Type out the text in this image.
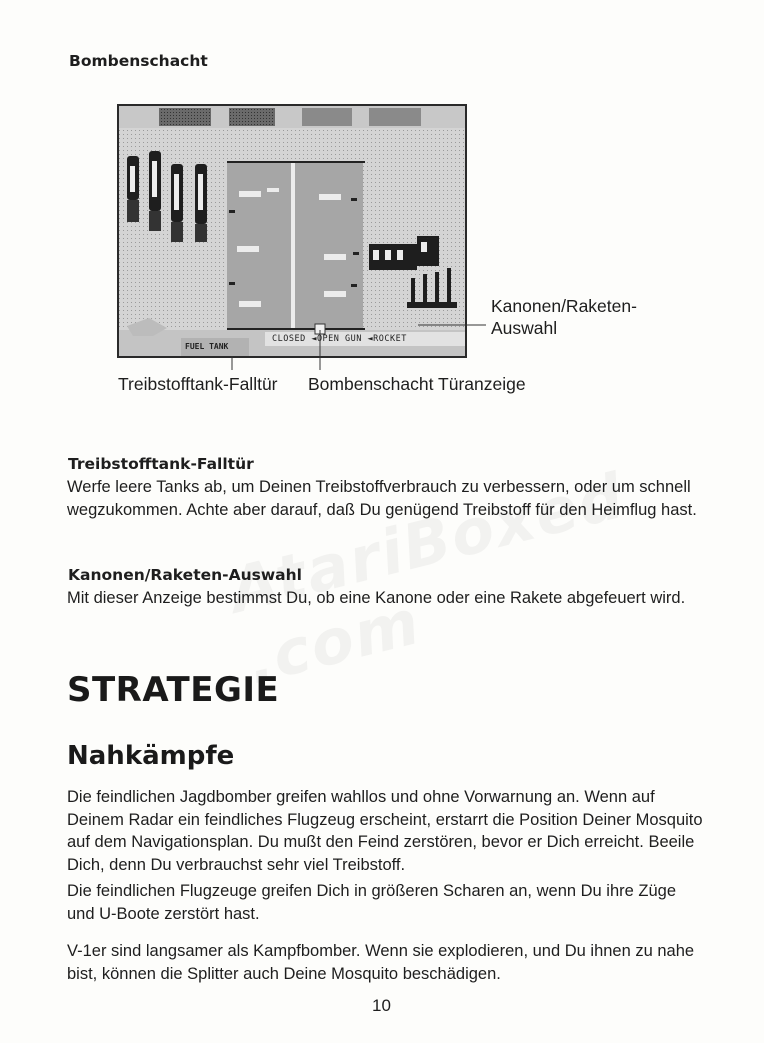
Bombenschacht
CLOSED ◄OPEN GUN ◄ROCKET
FUEL TANK
Kanonen/Raketen-
Auswahl
Treibstofftank-Falltür Bombenschacht Türanzeige
Treibstofftank-Falltür

Werfe leere Tanks ab, um Deinen Treibstoffverbrauch zu verbessern, oder um schnell wegzukommen. Achte aber darauf, daß Du genügend Treibstoff für den Heimflug hast.

Kanonen/Raketen-Auswahl

Mit dieser Anzeige bestimmst Du, ob eine Kanone oder eine Rakete abgefeuert wird.

STRATEGIE
Nahkämpfe

Die feindlichen Jagdbomber greifen wahllos und ohne Vorwarnung an. Wenn auf Deinem Radar ein feindliches Flugzeug erscheint, erstarrt die Position Deiner Mosquito auf dem Navigationsplan. Du mußt den Feind zerstören, bevor er Dich erreicht. Beeile Dich, denn Du verbrauchst sehr viel Treibstoff.

Die feindlichen Flugzeuge greifen Dich in größeren Scharen an, wenn Du ihre Züge und U-Boote zerstört hast.

V-1er sind langsamer als Kampfbomber. Wenn sie explodieren, und Du ihnen zu nahe bist, können die Splitter auch Deine Mosquito beschädigen.

10
